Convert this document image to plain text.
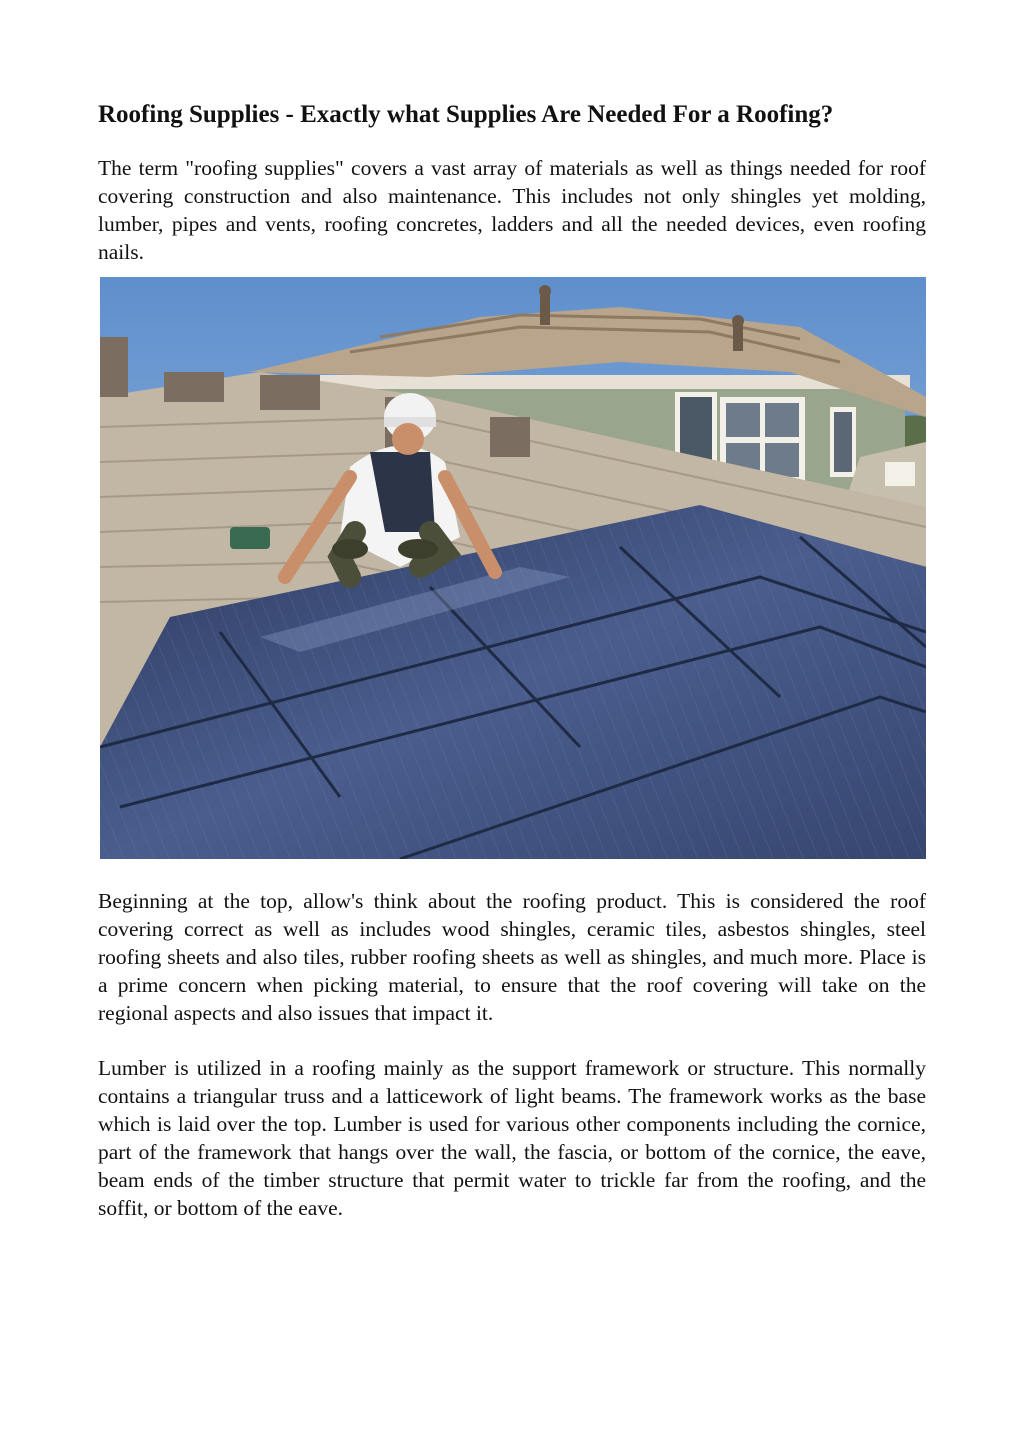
Roofing Supplies - Exactly what Supplies Are Needed For a Roofing?

The term "roofing supplies" covers a vast array of materials as well as things needed for roof covering construction and also maintenance. This includes not only shingles yet molding, lumber, pipes and vents, roofing concretes, ladders and all the needed devices, even roofing nails.

Beginning at the top, allow's think about the roofing product. This is considered the roof covering correct as well as includes wood shingles, ceramic tiles, asbestos shingles, steel roofing sheets and also tiles, rubber roofing sheets as well as shingles, and much more. Place is a prime concern when picking material, to ensure that the roof covering will take on the regional aspects and also issues that impact it.

Lumber is utilized in a roofing mainly as the support framework or structure. This normally contains a triangular truss and a latticework of light beams. The framework works as the base which is laid over the top. Lumber is used for various other components including the cornice, part of the framework that hangs over the wall, the fascia, or bottom of the cornice, the eave, beam ends of the timber structure that permit water to trickle far from the roofing, and the soffit, or bottom of the eave.
